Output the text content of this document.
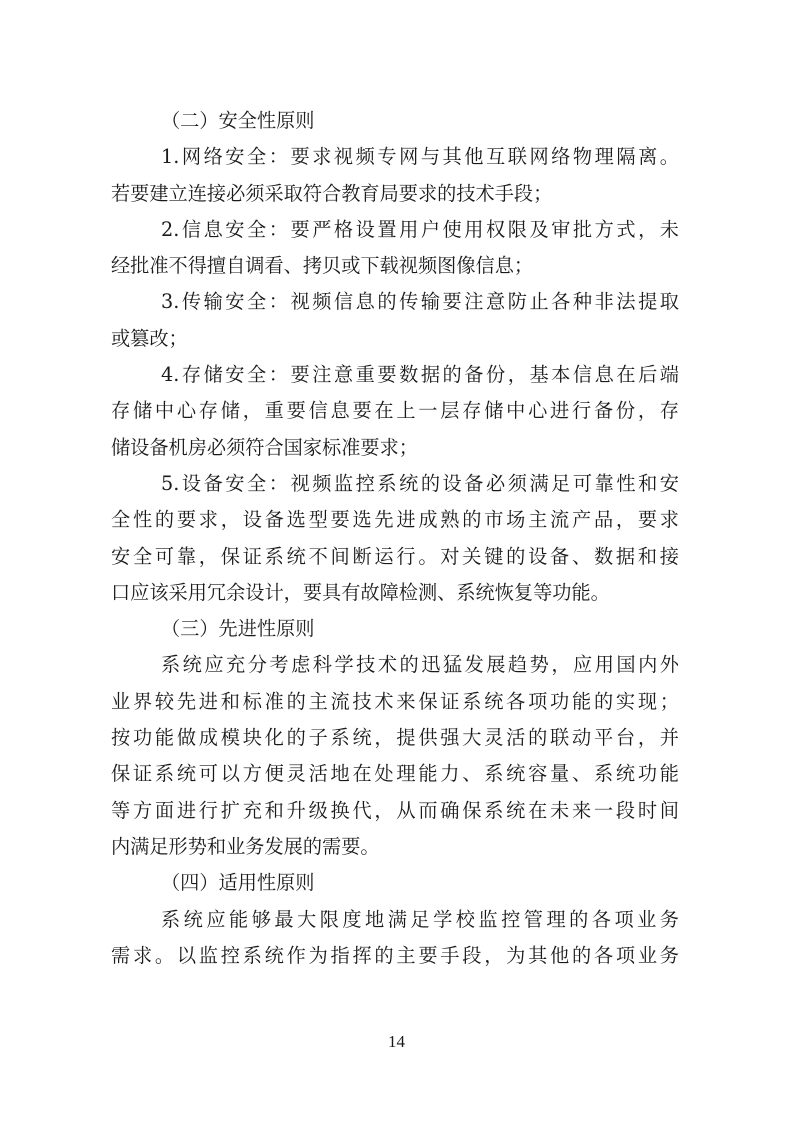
（二）安全性原则
1.网络安全：要求视频专网与其他互联网络物理隔离。
若要建立连接必须采取符合教育局要求的技术手段；
2.信息安全：要严格设置用户使用权限及审批方式，未
经批准不得擅自调看、拷贝或下载视频图像信息；
3.传输安全：视频信息的传输要注意防止各种非法提取
或篡改；
4.存储安全：要注意重要数据的备份，基本信息在后端
存储中心存储，重要信息要在上一层存储中心进行备份，存
储设备机房必须符合国家标准要求；
5.设备安全：视频监控系统的设备必须满足可靠性和安
全性的要求，设备选型要选先进成熟的市场主流产品，要求
安全可靠，保证系统不间断运行。对关键的设备、数据和接
口应该采用冗余设计，要具有故障检测、系统恢复等功能。
（三）先进性原则
系统应充分考虑科学技术的迅猛发展趋势，应用国内外
业界较先进和标准的主流技术来保证系统各项功能的实现；
按功能做成模块化的子系统，提供强大灵活的联动平台，并
保证系统可以方便灵活地在处理能力、系统容量、系统功能
等方面进行扩充和升级换代，从而确保系统在未来一段时间
内满足形势和业务发展的需要。
（四）适用性原则
系统应能够最大限度地满足学校监控管理的各项业务
需求。以监控系统作为指挥的主要手段，为其他的各项业务
14
